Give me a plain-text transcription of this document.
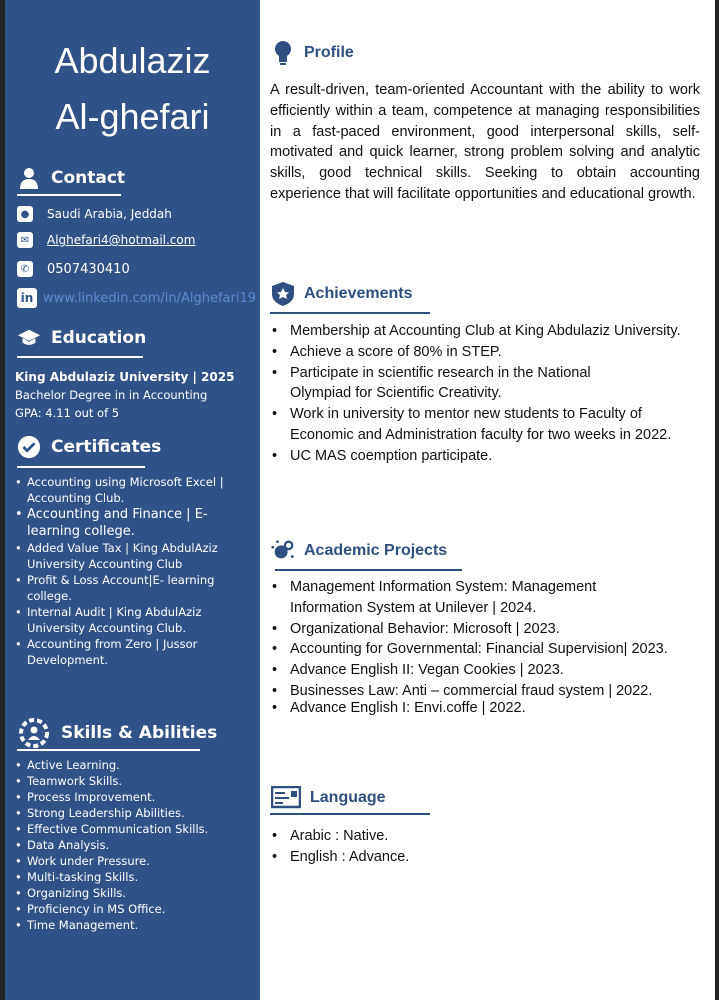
Abdulaziz
Al-ghefari
Contact
●	Saudi Arabia, Jeddah
✉	Alghefari4@hotmail.com
✆ 0507430410
in www.linkedin.com/in/Alghefari19
Education
King Abdulaziz University | 2025
Bachelor Degree in in Accounting
GPA: 4.11 out of 5
Certificates
• Accounting using Microsoft Excel | Accounting Club.
• Accounting and Finance | E-learning college.
• Added Value Tax | King AbdulAziz University Accounting Club
• Profit & Loss Account|E- learning college.
• Internal Audit | King AbdulAziz University Accounting Club.
• Accounting from Zero | Jussor Development.
Skills & Abilities
• Active Learning.
• Teamwork Skills.
• Process Improvement.
• Strong Leadership Abilities.
• Effective Communication Skills.
• Data Analysis.
• Work under Pressure.
• Multi-tasking Skills.
• Organizing Skills.
• Proficiency in MS Office.
• Time Management.
Profile
A result-driven, team-oriented Accountant with the ability to work efficiently within a team, competence at managing responsibilities in a fast-paced environment, good interpersonal skills, self-motivated and quick learner, strong problem solving and analytic skills, good technical skills. Seeking to obtain accounting experience that will facilitate opportunities and educational growth.
Achievements
• Membership at Accounting Club at King Abdulaziz University.
• Achieve a score of 80% in STEP.
• Participate in scientific research in the National Olympiad for Scientific Creativity.
• Work in university to mentor new students to Faculty of Economic and Administration faculty for two weeks in 2022.
• UC MAS coemption participate.
Academic Projects
• Management Information System: Management Information System at Unilever | 2024.
• Organizational Behavior: Microsoft | 2023.
• Accounting for Governmental: Financial Supervision| 2023.
• Advance English II: Vegan Cookies | 2023.
• Businesses Law: Anti – commercial fraud system | 2022.
• Advance English I: Envi.coffe | 2022.
Language
• Arabic : Native.
• English : Advance.
